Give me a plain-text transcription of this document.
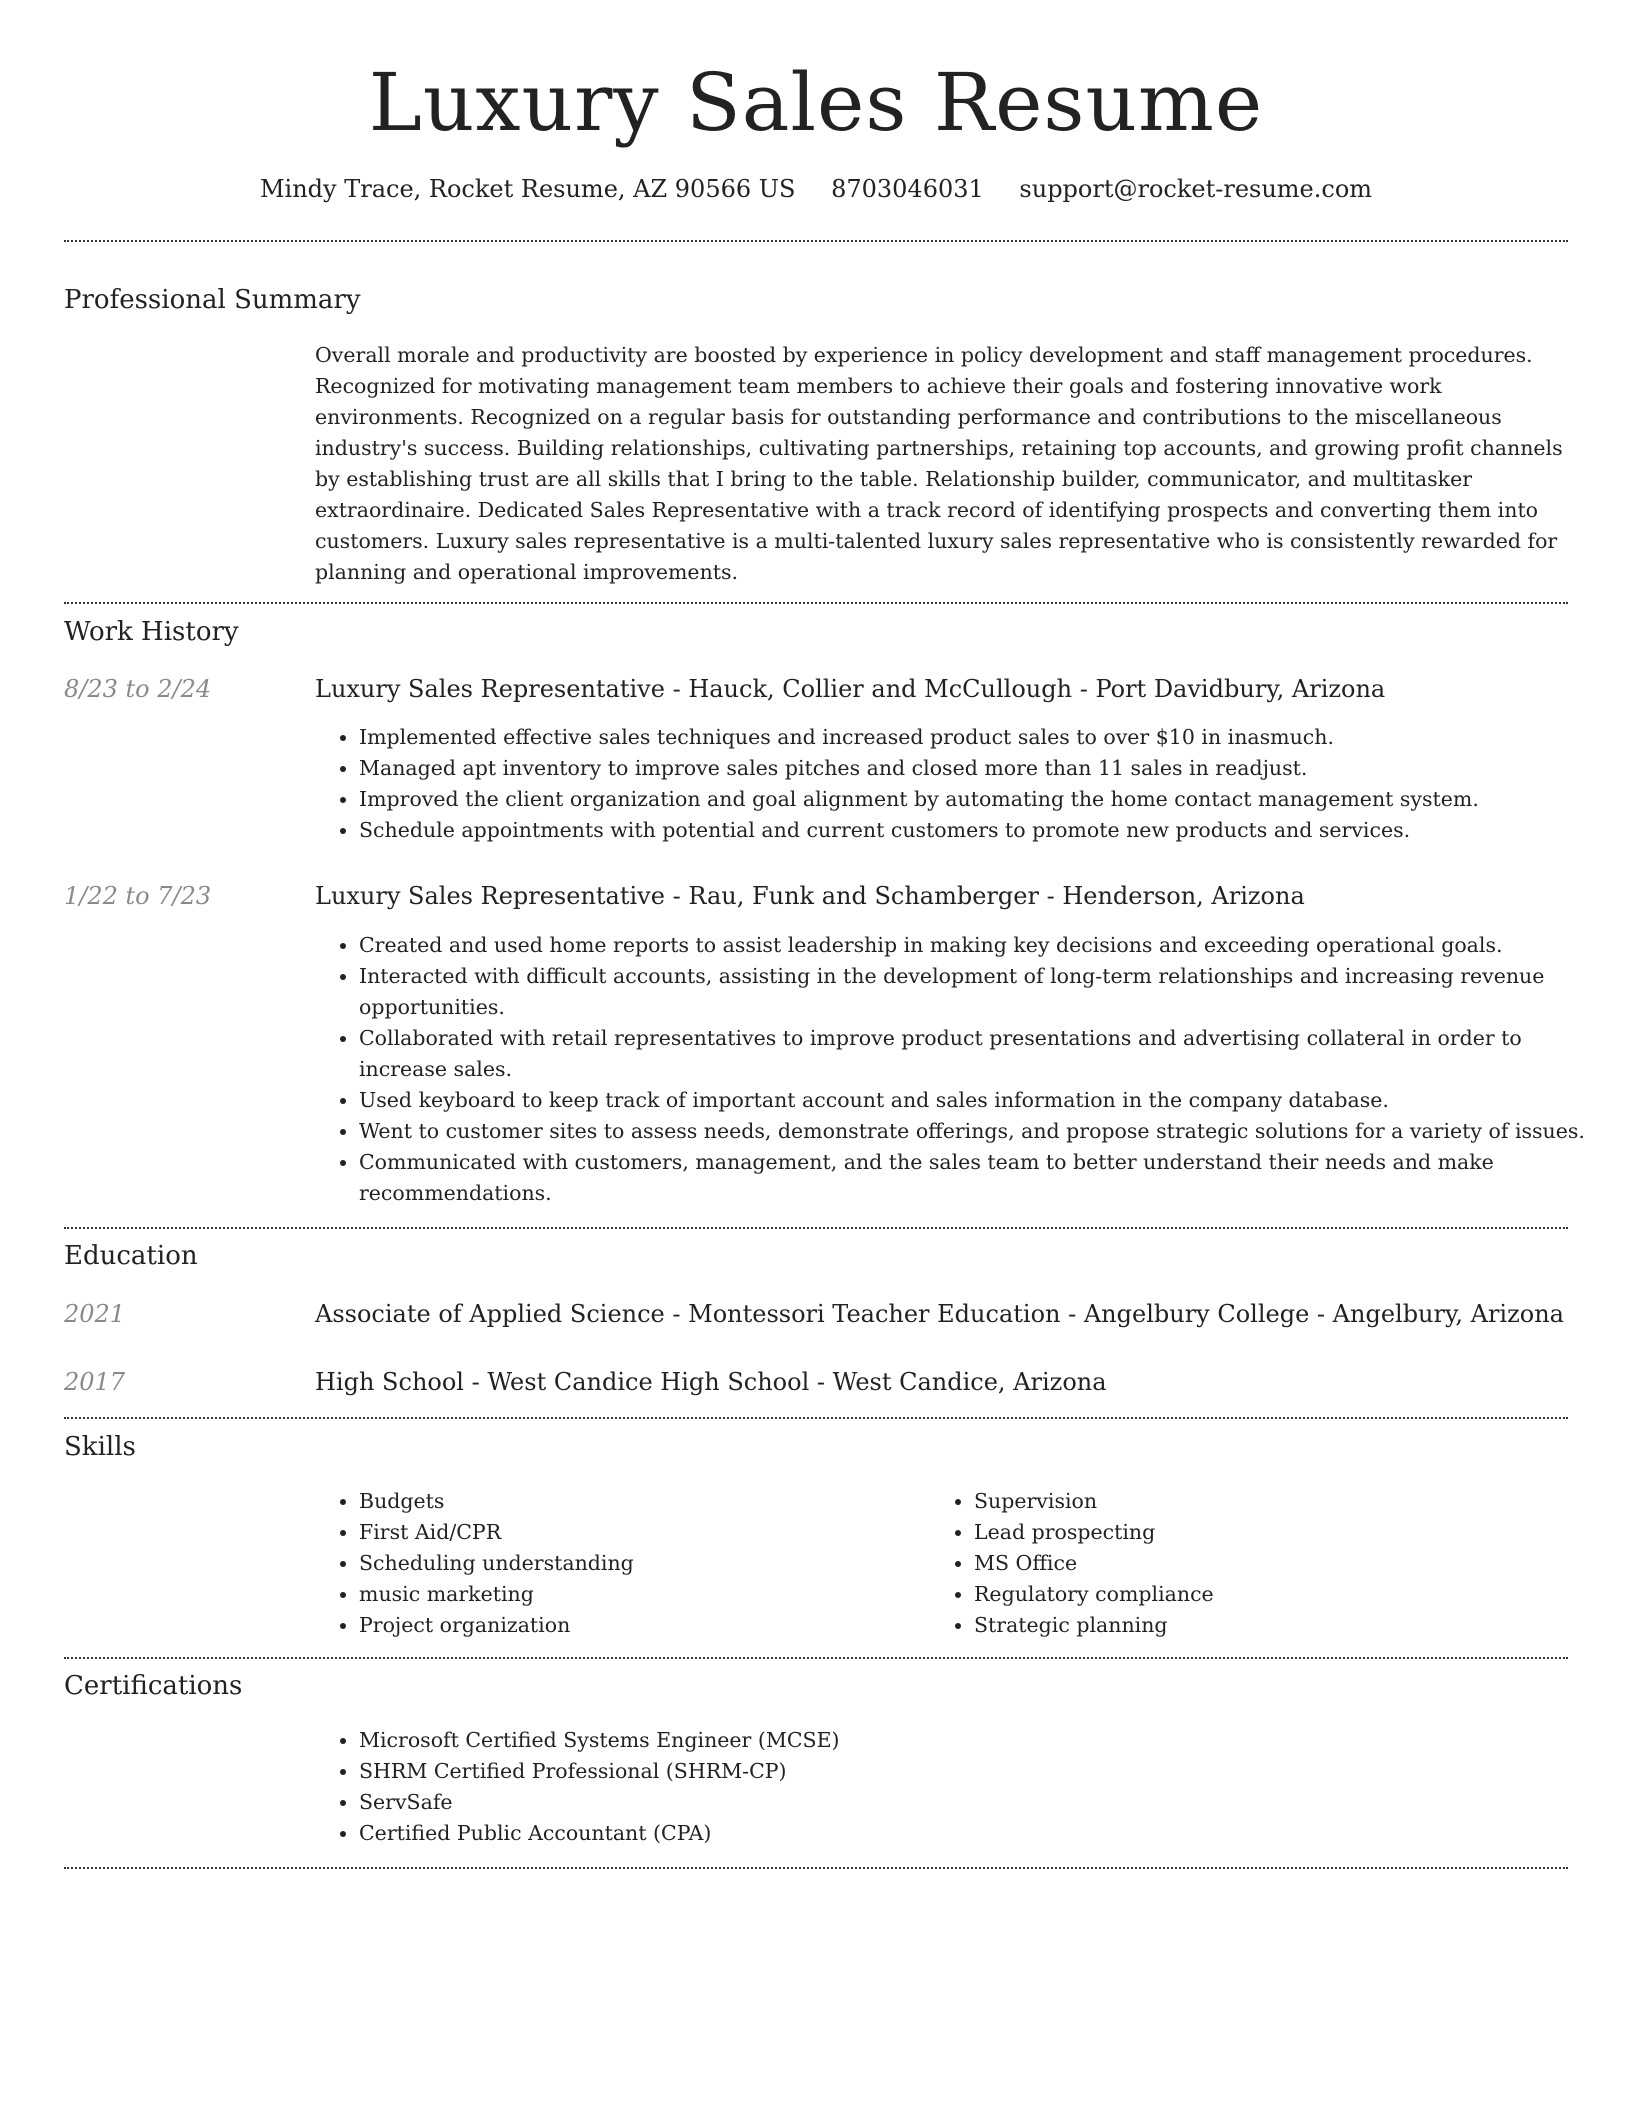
Luxury Sales Resume
Mindy Trace, Rocket Resume, AZ 90566 US 8703046031 support@rocket-resume.com
Professional Summary

Overall morale and productivity are boosted by experience in policy development and staff management procedures. Recognized for motivating management team members to achieve their goals and fostering innovative work environments. Recognized on a regular basis for outstanding performance and contributions to the miscellaneous industry's success. Building relationships, cultivating partnerships, retaining top accounts, and growing profit channels by establishing trust are all skills that I bring to the table. Relationship builder, communicator, and multitasker extraordinaire. Dedicated Sales Representative with a track record of identifying prospects and converting them into customers. Luxury sales representative is a multi-talented luxury sales representative who is consistently rewarded for planning and operational improvements.

Work History
8/23 to 2/24	Luxury Sales Representative - Hauck, Collier and McCullough - Port Davidbury, Arizona
• Implemented effective sales techniques and increased product sales to over $10 in inasmuch.
• Managed apt inventory to improve sales pitches and closed more than 11 sales in readjust.
• Improved the client organization and goal alignment by automating the home contact management system.
• Schedule appointments with potential and current customers to promote new products and services.
1/22 to 7/23	Luxury Sales Representative - Rau, Funk and Schamberger - Henderson, Arizona
• Created and used home reports to assist leadership in making key decisions and exceeding operational goals.
• Interacted with difficult accounts, assisting in the development of long-term relationships and increasing revenue opportunities.
• Collaborated with retail representatives to improve product presentations and advertising collateral in order to increase sales.
• Used keyboard to keep track of important account and sales information in the company database.
• Went to customer sites to assess needs, demonstrate offerings, and propose strategic solutions for a variety of issues.
• Communicated with customers, management, and the sales team to better understand their needs and make recommendations.
Education
2021	Associate of Applied Science - Montessori Teacher Education - Angelbury College - Angelbury, Arizona
2017	High School - West Candice High School - West Candice, Arizona
Skills
• Budgets
• First Aid/CPR
• Scheduling understanding
• music marketing
• Project organization
• Supervision
• Lead prospecting
• MS Office
• Regulatory compliance
• Strategic planning
Certifications
• Microsoft Certified Systems Engineer (MCSE)
• SHRM Certified Professional (SHRM-CP)
• ServSafe
• Certified Public Accountant (CPA)
